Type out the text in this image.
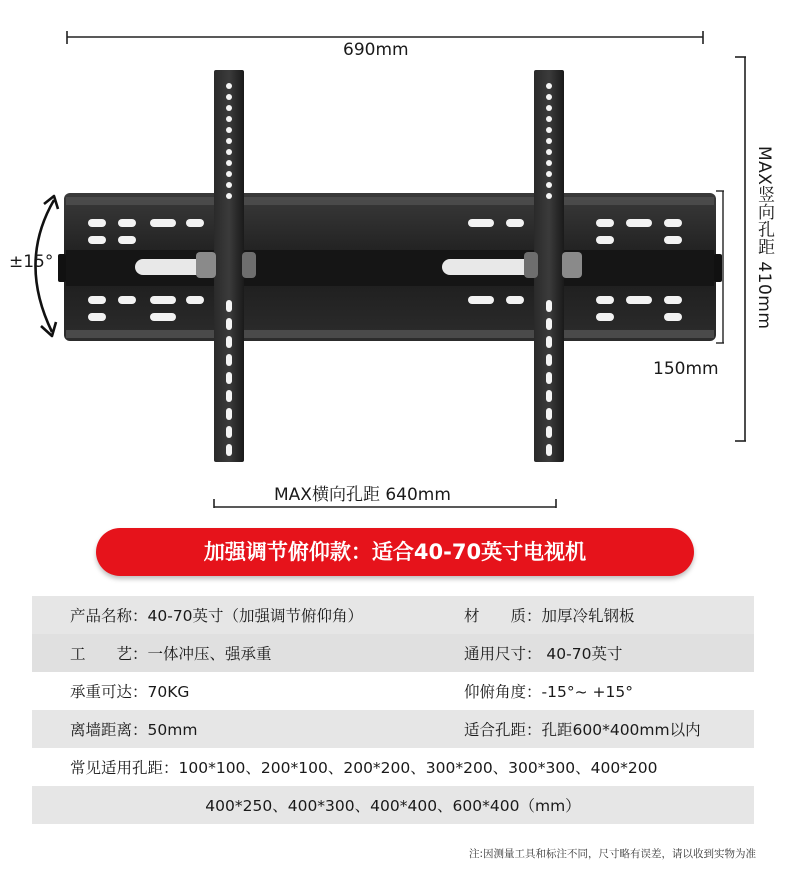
690mm
MAX竖向孔距 410mm
±15°
150mm
MAX横向孔距 640mm
加强调节俯仰款：适合40-70英寸电视机
产品名称：40-70英寸（加强调节俯仰角）	材　　质：加厚冷轧钢板
工　　艺：一体冲压、强承重	通用尺寸： 40-70英寸
承重可达：70KG	仰俯角度：-15°~ +15°
离墙距离：50mm	适合孔距：孔距600*400mm以内
常见适用孔距：100*100、200*100、200*200、300*200、300*300、400*200
400*250、400*300、400*400、600*400（mm）
注:因测量工具和标注不同，尺寸略有误差，请以收到实物为准
